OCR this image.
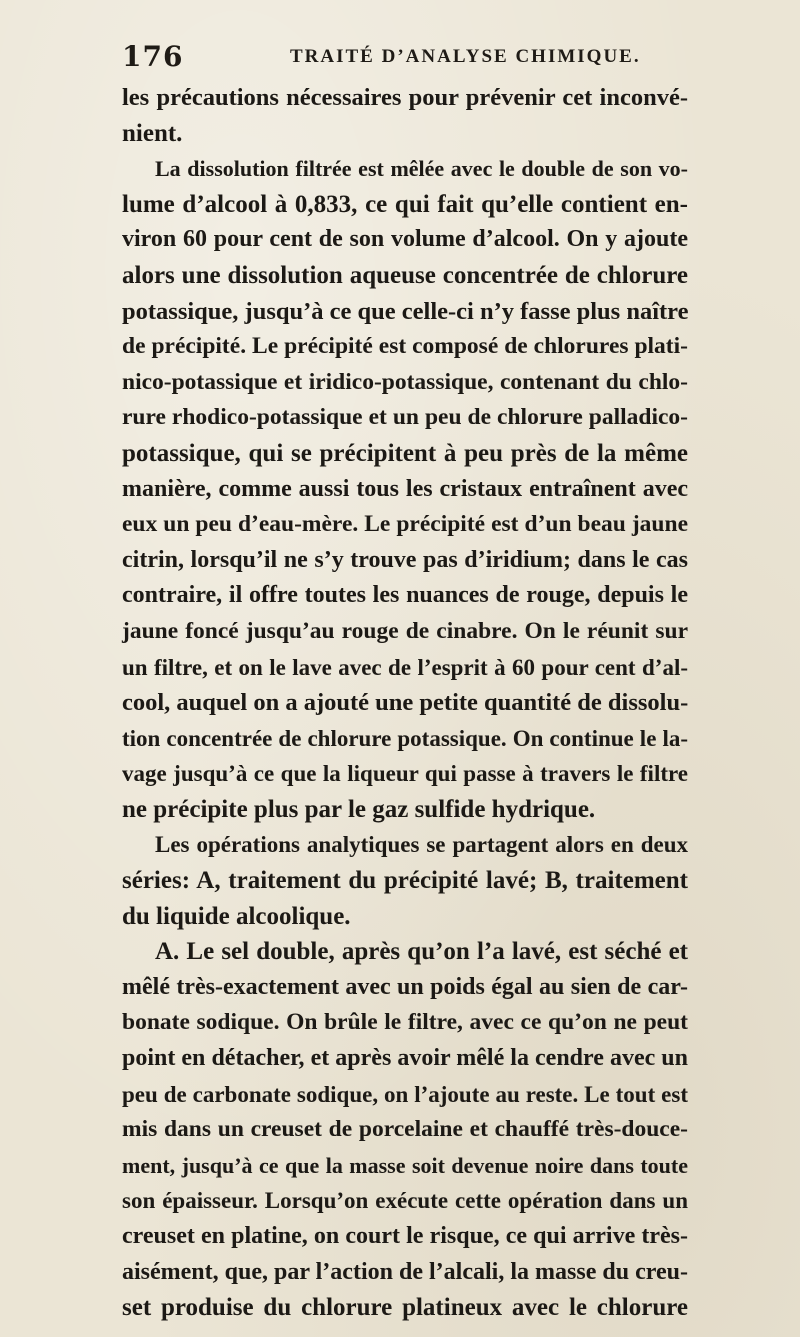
176	TRAITÉ D’ANALYSE CHIMIQUE.
les précautions nécessaires pour prévenir cet inconvé-
nient.
La dissolution filtrée est mêlée avec le double de son vo-
lume d’alcool à 0,833, ce qui fait qu’elle contient en-
viron 60 pour cent de son volume d’alcool. On y ajoute
alors une dissolution aqueuse concentrée de chlorure
potassique, jusqu’à ce que celle-ci n’y fasse plus naître
de précipité. Le précipité est composé de chlorures plati-
nico-potassique et iridico-potassique, contenant du chlo-
rure rhodico-potassique et un peu de chlorure palladico-
potassique, qui se précipitent à peu près de la même
manière, comme aussi tous les cristaux entraînent avec
eux un peu d’eau-mère. Le précipité est d’un beau jaune
citrin, lorsqu’il ne s’y trouve pas d’iridium; dans le cas
contraire, il offre toutes les nuances de rouge, depuis le
jaune foncé jusqu’au rouge de cinabre. On le réunit sur
un filtre, et on le lave avec de l’esprit à 60 pour cent d’al-
cool, auquel on a ajouté une petite quantité de dissolu-
tion concentrée de chlorure potassique. On continue le la-
vage jusqu’à ce que la liqueur qui passe à travers le filtre
ne précipite plus par le gaz sulfide hydrique.
Les opérations analytiques se partagent alors en deux
séries: A, traitement du précipité lavé; B, traitement
du liquide alcoolique.
A. Le sel double, après qu’on l’a lavé, est séché et
mêlé très-exactement avec un poids égal au sien de car-
bonate sodique. On brûle le filtre, avec ce qu’on ne peut
point en détacher, et après avoir mêlé la cendre avec un
peu de carbonate sodique, on l’ajoute au reste. Le tout est
mis dans un creuset de porcelaine et chauffé très-douce-
ment, jusqu’à ce que la masse soit devenue noire dans toute
son épaisseur. Lorsqu’on exécute cette opération dans un
creuset en platine, on court le risque, ce qui arrive très-
aisément, que, par l’action de l’alcali, la masse du creu-
set produise du chlorure platineux avec le chlorure
